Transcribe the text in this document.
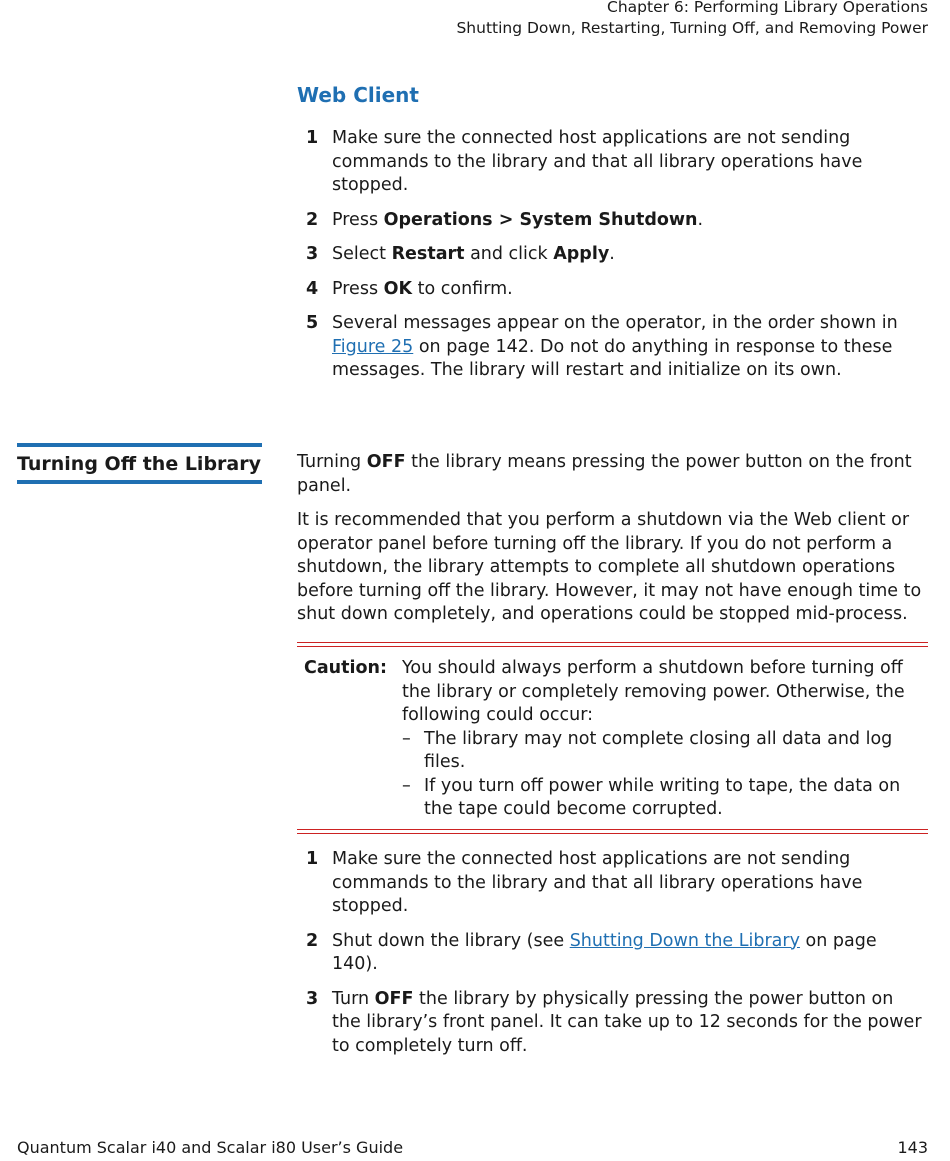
Chapter 6: Performing Library Operations
Shutting Down, Restarting, Turning Off, and Removing Power
Web Client
1 Make sure the connected host applications are not sending commands to the library and that all library operations have stopped.
2 Press Operations > System Shutdown.
3 Select Restart and click Apply.
4 Press OK to confirm.
5 Several messages appear on the operator, in the order shown in Figure 25 on page 142. Do not do anything in response to these messages. The library will restart and initialize on its own.
Turning Off the Library Turning OFF the library means pressing the power button on the front panel.
It is recommended that you perform a shutdown via the Web client or operator panel before turning off the library. If you do not perform a shutdown, the library attempts to complete all shutdown operations before turning off the library. However, it may not have enough time to shut down completely, and operations could be stopped mid-process.
Caution: You should always perform a shutdown before turning off the library or completely removing power. Otherwise, the following could occur:
– The library may not complete closing all data and log files.
– If you turn off power while writing to tape, the data on the tape could become corrupted.
1 Make sure the connected host applications are not sending commands to the library and that all library operations have stopped.
2 Shut down the library (see Shutting Down the Library on page 140).
3 Turn OFF the library by physically pressing the power button on the library’s front panel. It can take up to 12 seconds for the power to completely turn off.
Quantum Scalar i40 and Scalar i80 User’s Guide	143
